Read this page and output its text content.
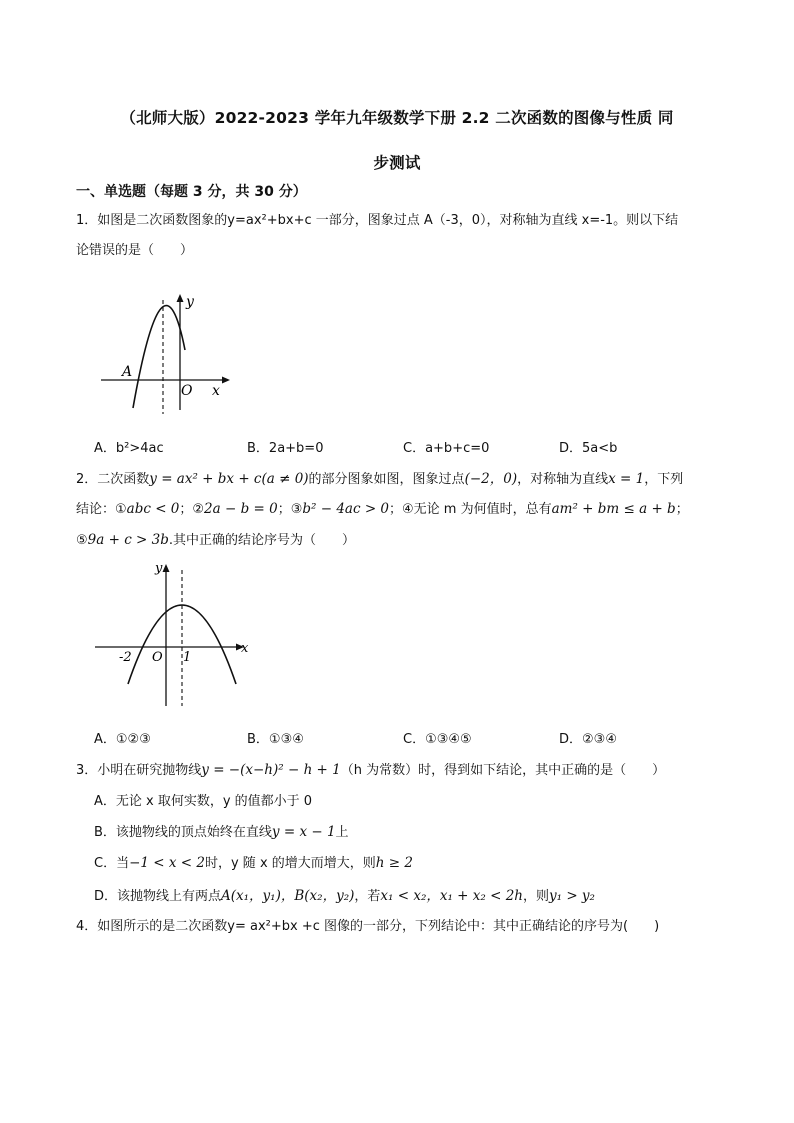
（北师大版）2022-2023 学年九年级数学下册 2.2 二次函数的图像与性质 同
步测试
一、单选题（每题 3 分，共 30 分）
1．如图是二次函数图象的y=ax²+bx+c 一部分，图象过点 A（-3，0），对称轴为直线 x=-1。则以下结
论错误的是（　　）
y
x
O
A
A．b²>4ac	B．2a+b=0	C．a+b+c=0	D．5a<b
2．二次函数y = ax² + bx + c(a ≠ 0)的部分图象如图，图象过点(−2，0)，对称轴为直线x = 1，下列
结论：①abc < 0；②2a − b = 0；③b² − 4ac > 0；④无论 m 为何值时，总有am² + bm ≤ a + b；
⑤9a + c > 3b.其中正确的结论序号为（　　）
y
x
O
-2	1
A．①②③	B．①③④	C．①③④⑤	D．②③④
3．小明在研究抛物线y = −(x−h)² − h + 1（h 为常数）时，得到如下结论，其中正确的是（　　）
A．无论 x 取何实数，y 的值都小于 0
B．该抛物线的顶点始终在直线y = x − 1上
C．当−1 < x < 2时，y 随 x 的增大而增大，则h ≥ 2
D．该抛物线上有两点A(x₁，y₁)，B(x₂，y₂)，若x₁ < x₂，x₁ + x₂ < 2h，则y₁ > y₂
4．如图所示的是二次函数y= ax²+bx +c 图像的一部分，下列结论中：其中正确结论的序号为(　　)
